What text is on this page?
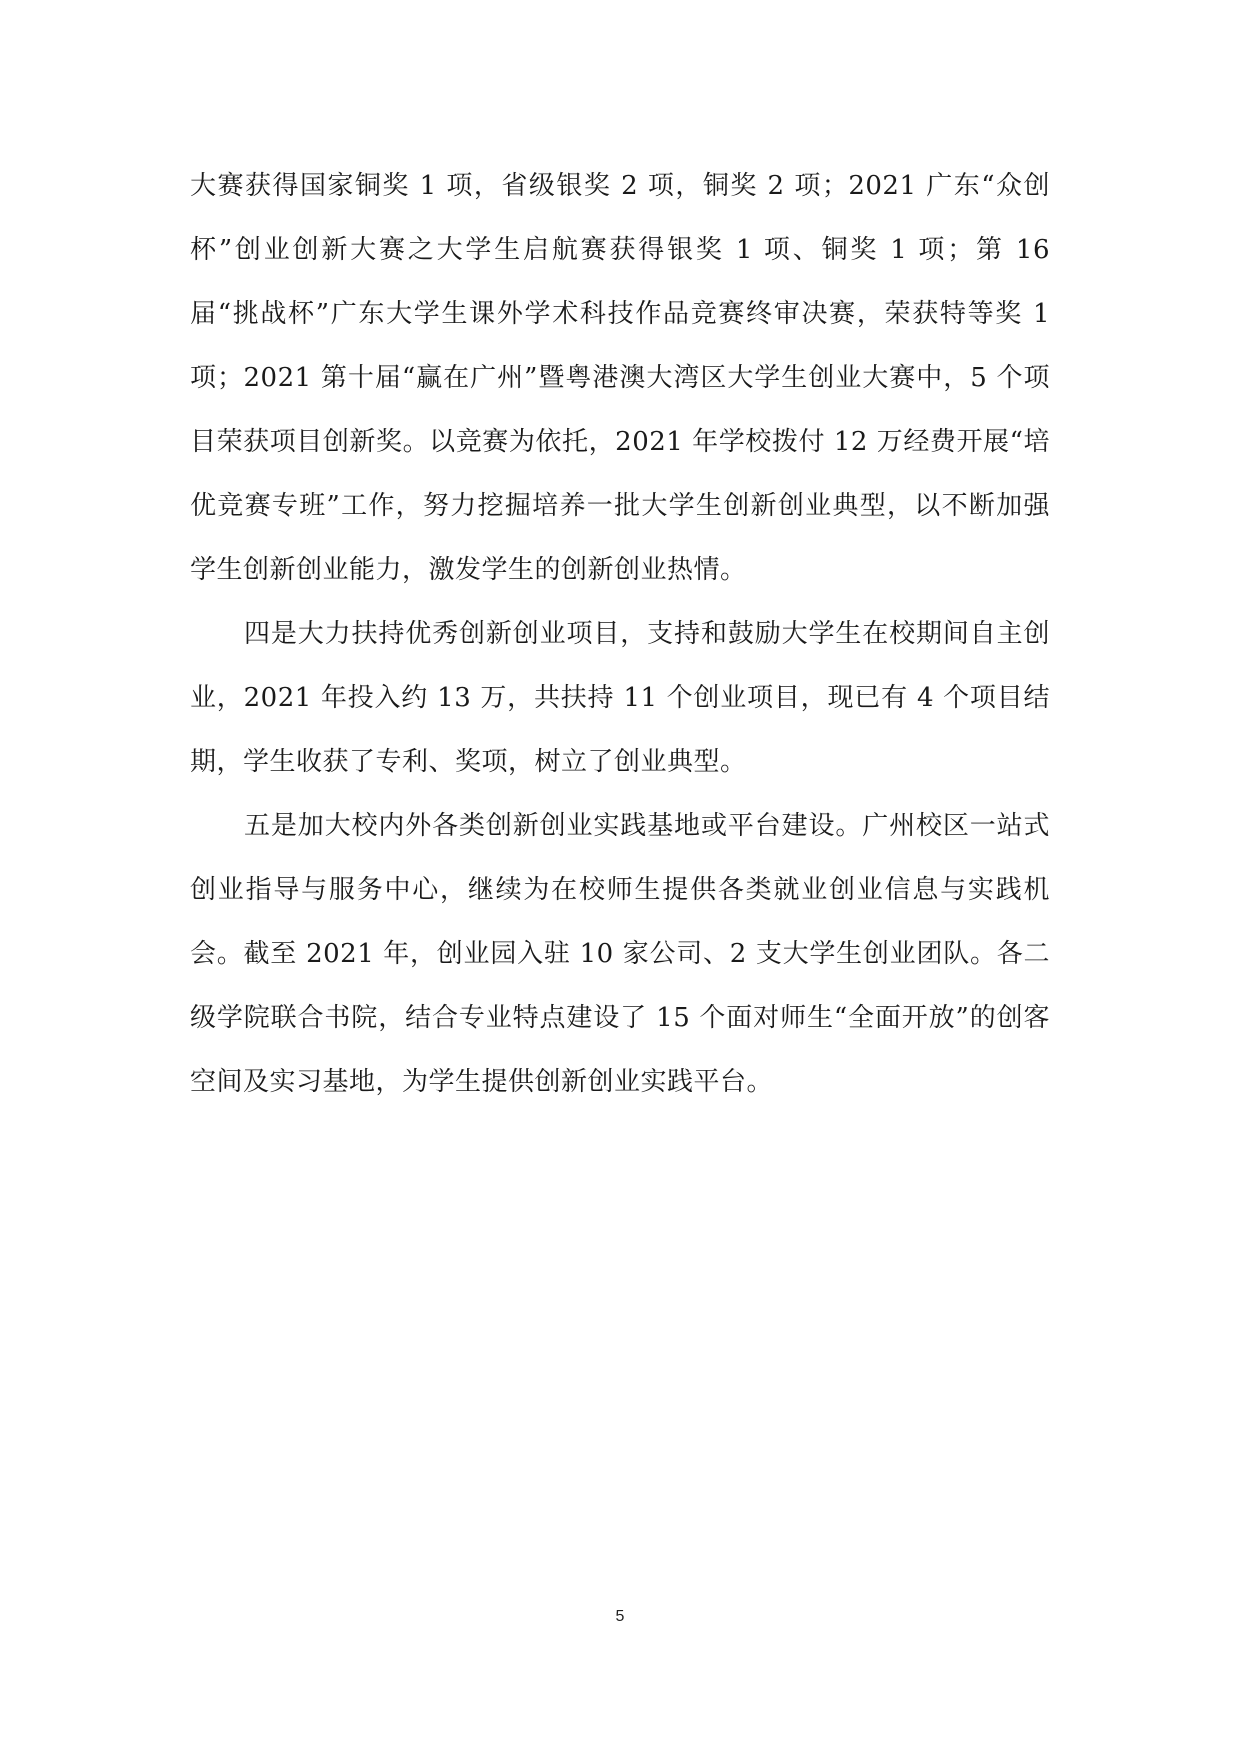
大赛获得国家铜奖 1 项，省级银奖 2 项，铜奖 2 项；2021 广东“众创杯”创业创新大赛之大学生启航赛获得银奖 1 项、铜奖 1 项；第 16 届“挑战杯”广东大学生课外学术科技作品竞赛终审决赛，荣获特等奖 1 项；2021 第十届“赢在广州”暨粤港澳大湾区大学生创业大赛中，5 个项目荣获项目创新奖。以竞赛为依托，2021 年学校拨付 12 万经费开展“培优竞赛专班”工作，努力挖掘培养一批大学生创新创业典型，以不断加强学生创新创业能力，激发学生的创新创业热情。

四是大力扶持优秀创新创业项目，支持和鼓励大学生在校期间自主创业，2021 年投入约 13 万，共扶持 11 个创业项目，现已有 4 个项目结期，学生收获了专利、奖项，树立了创业典型。

五是加大校内外各类创新创业实践基地或平台建设。广州校区一站式创业指导与服务中心，继续为在校师生提供各类就业创业信息与实践机会。截至 2021 年，创业园入驻 10 家公司、2 支大学生创业团队。各二级学院联合书院，结合专业特点建设了 15 个面对师生“全面开放”的创客空间及实习基地，为学生提供创新创业实践平台。

5
